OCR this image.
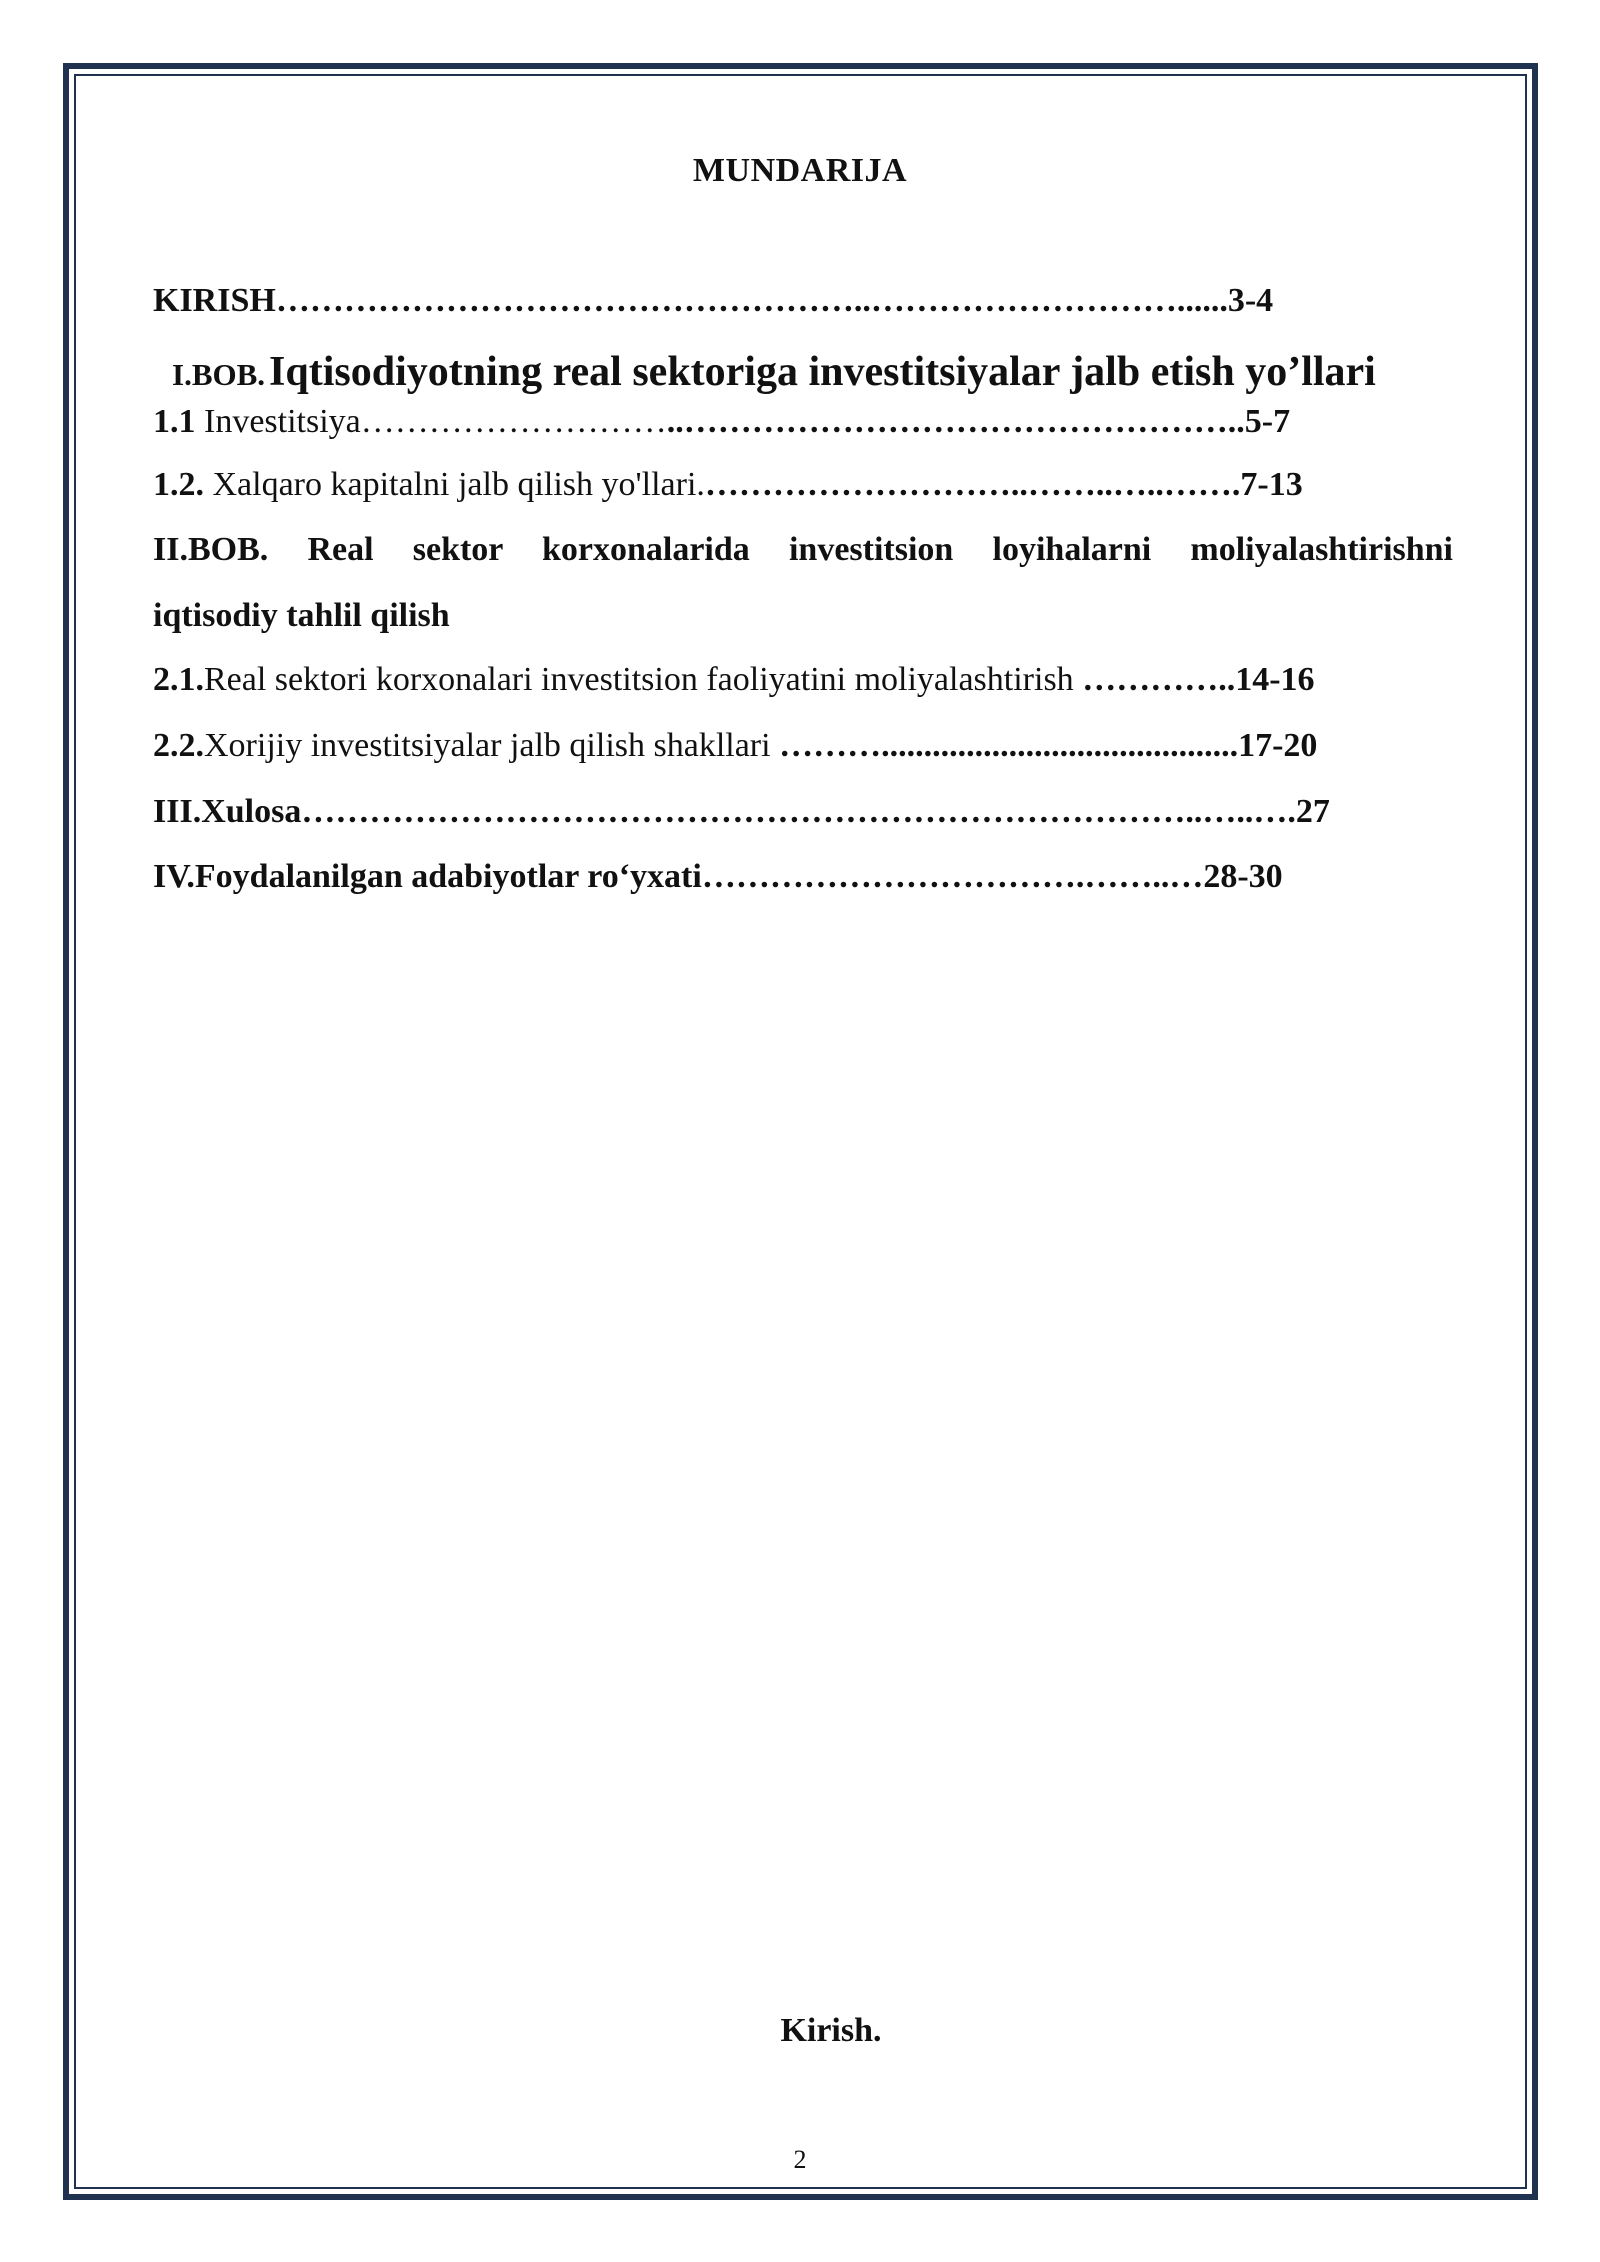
MUNDARIJA
KIRISH……………………………………………..………………………......3-4
I.BOB. Iqtisodiyotning real sektoriga investitsiyalar jalb etish yo’llari
1.1 Investitsiya………………………..…………………………………………..5-7
1.2. Xalqaro kapitalni jalb qilish yo'llari.………………………..……..…..…….7-13
II.BOB. Real sektor korxonalarida investitsion loyihalarni moliyalashtirishni
iqtisodiy tahlil qilish
2.1.Real sektori korxonalari investitsion faoliyatini moliyalashtirish …………..14-16
2.2.Xorijiy investitsiyalar jalb qilish shakllari ………..........................................17-20
III.Xulosa……………………………………………………………………..…..….27
IV.Foydalanilgan adabiyotlar ro‘yxati…………………………….……..…28-30
Kirish.
2
